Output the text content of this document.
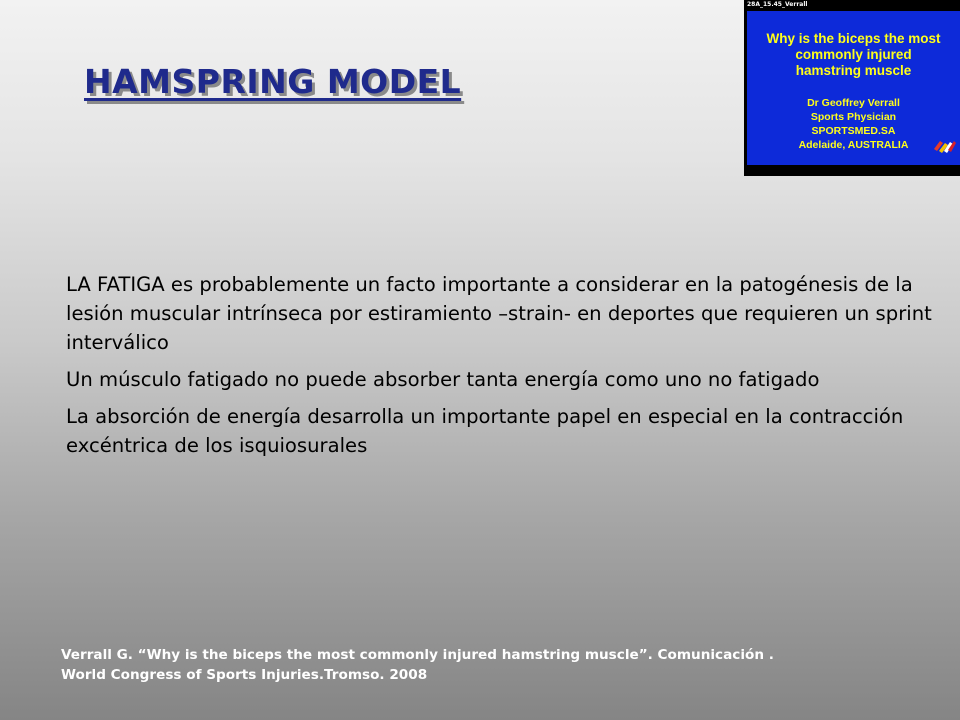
HAMSPRING MODEL
28A_15.45_Verrall
Why is the biceps the most
commonly injured
hamstring muscle
Dr Geoffrey Verrall
Sports Physician
SPORTSMED.SA
Adelaide, AUSTRALIA

LA FATIGA es probablemente un facto importante a considerar en la patogénesis de la lesión muscular intrínseca por estiramiento –strain- en deportes que requieren un sprint interválico

Un músculo fatigado no puede absorber tanta energía como uno no fatigado

La absorción de energía desarrolla un importante papel en especial en la contracción excéntrica de los isquiosurales

Verrall G. “Why is the biceps the most commonly injured hamstring muscle”. Comunicación .
World Congress of Sports Injuries.Tromso. 2008
